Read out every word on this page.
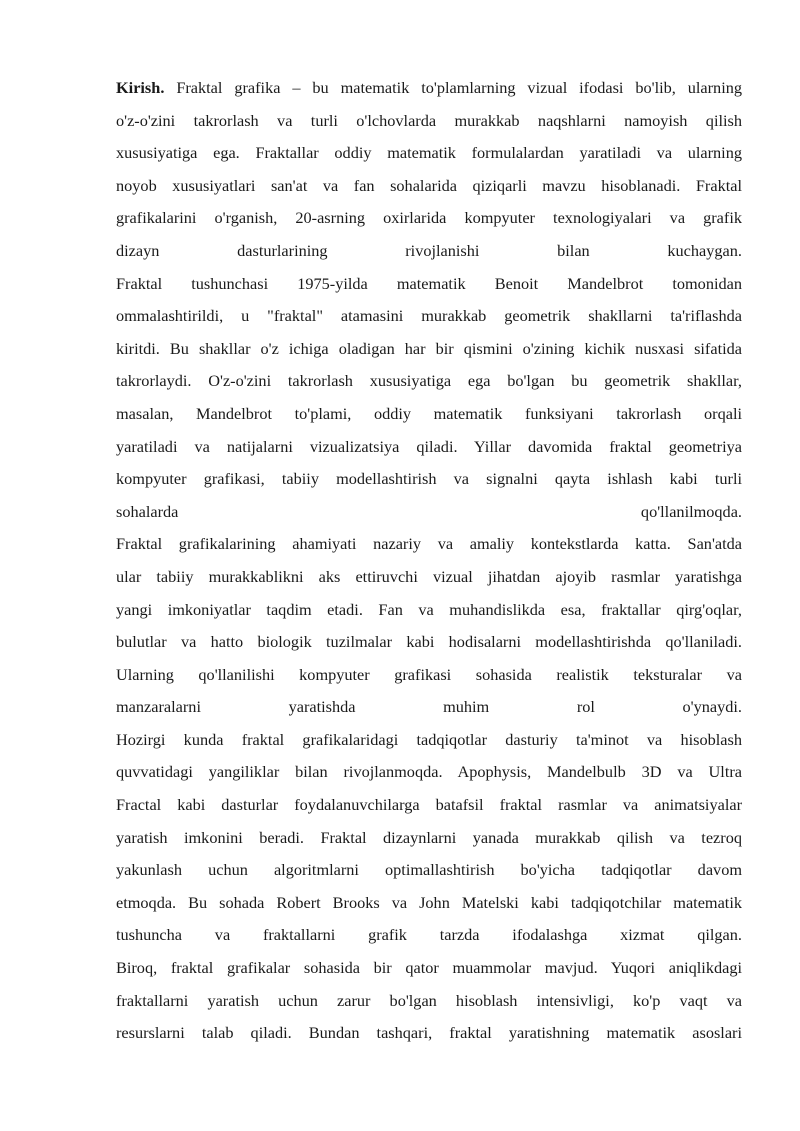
Kirish. Fraktal grafika – bu matematik to'plamlarning vizual ifodasi bo'lib, ularning
o'z-o'zini takrorlash va turli o'lchovlarda murakkab naqshlarni namoyish qilish
xususiyatiga ega. Fraktallar oddiy matematik formulalardan yaratiladi va ularning
noyob xususiyatlari san'at va fan sohalarida qiziqarli mavzu hisoblanadi. Fraktal
grafikalarini o'rganish, 20-asrning oxirlarida kompyuter texnologiyalari va grafik
dizayn dasturlarining rivojlanishi bilan kuchaygan.
Fraktal tushunchasi 1975-yilda matematik Benoit Mandelbrot tomonidan
ommalashtirildi, u "fraktal" atamasini murakkab geometrik shakllarni ta'riflashda
kiritdi. Bu shakllar o'z ichiga oladigan har bir qismini o'zining kichik nusxasi sifatida
takrorlaydi. O'z-o'zini takrorlash xususiyatiga ega bo'lgan bu geometrik shakllar,
masalan, Mandelbrot to'plami, oddiy matematik funksiyani takrorlash orqali
yaratiladi va natijalarni vizualizatsiya qiladi. Yillar davomida fraktal geometriya
kompyuter grafikasi, tabiiy modellashtirish va signalni qayta ishlash kabi turli
sohalarda qo'llanilmoqda.
Fraktal grafikalarining ahamiyati nazariy va amaliy kontekstlarda katta. San'atda
ular tabiiy murakkablikni aks ettiruvchi vizual jihatdan ajoyib rasmlar yaratishga
yangi imkoniyatlar taqdim etadi. Fan va muhandislikda esa, fraktallar qirg'oqlar,
bulutlar va hatto biologik tuzilmalar kabi hodisalarni modellashtirishda qo'llaniladi.
Ularning qo'llanilishi kompyuter grafikasi sohasida realistik teksturalar va
manzaralarni yaratishda muhim rol o'ynaydi.
Hozirgi kunda fraktal grafikalaridagi tadqiqotlar dasturiy ta'minot va hisoblash
quvvatidagi yangiliklar bilan rivojlanmoqda. Apophysis, Mandelbulb 3D va Ultra
Fractal kabi dasturlar foydalanuvchilarga batafsil fraktal rasmlar va animatsiyalar
yaratish imkonini beradi. Fraktal dizaynlarni yanada murakkab qilish va tezroq
yakunlash uchun algoritmlarni optimallashtirish bo'yicha tadqiqotlar davom
etmoqda. Bu sohada Robert Brooks va John Matelski kabi tadqiqotchilar matematik
tushuncha va fraktallarni grafik tarzda ifodalashga xizmat qilgan.
Biroq, fraktal grafikalar sohasida bir qator muammolar mavjud. Yuqori aniqlikdagi
fraktallarni yaratish uchun zarur bo'lgan hisoblash intensivligi, ko'p vaqt va
resurslarni talab qiladi. Bundan tashqari, fraktal yaratishning matematik asoslari
